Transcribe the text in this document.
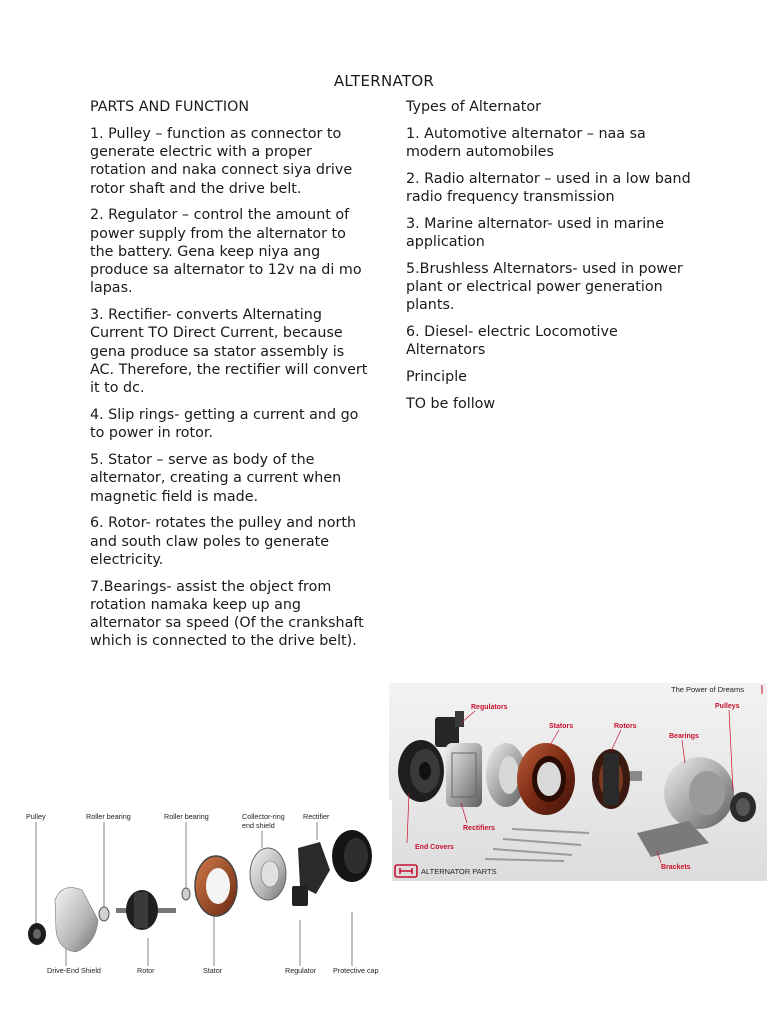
ALTERNATOR

PARTS AND FUNCTION

1. Pulley – function as connector to generate electric with a proper rotation and naka connect siya drive rotor shaft and the drive belt.

2. Regulator – control the amount of power supply from the alternator to the battery. Gena keep niya ang produce sa alternator to 12v na di mo lapas.

3. Rectifier- converts Alternating Current TO Direct Current, because gena produce sa stator assembly is AC. Therefore, the rectifier will convert it to dc.

4. Slip rings- getting a current and go to power in rotor.

5. Stator – serve as body of the alternator, creating a current when magnetic field is made.

6. Rotor- rotates the pulley and north and south claw poles to generate electricity.

7.Bearings- assist the object from rotation namaka keep up ang alternator sa speed (Of the crankshaft which is connected to the drive belt).

Types of Alternator

1. Automotive alternator – naa sa modern automobiles

2. Radio alternator – used in a low band radio frequency transmission

3. Marine alternator- used in marine application

5.Brushless Alternators- used in power plant or electrical power generation plants.

6. Diesel- electric Locomotive Alternators

Principle

TO be follow

The Power of Dreams
Regulators
Stators	Rotors
Pulleys
Bearings
Rectifiers
End Covers
Brackets
ALTERNATOR PARTS
Pulley	Roller bearing	Roller bearing	Collector-ring
end shield
Rectifier
Drive-End Shield	Rotor	Stator	Regulator Protective cap
